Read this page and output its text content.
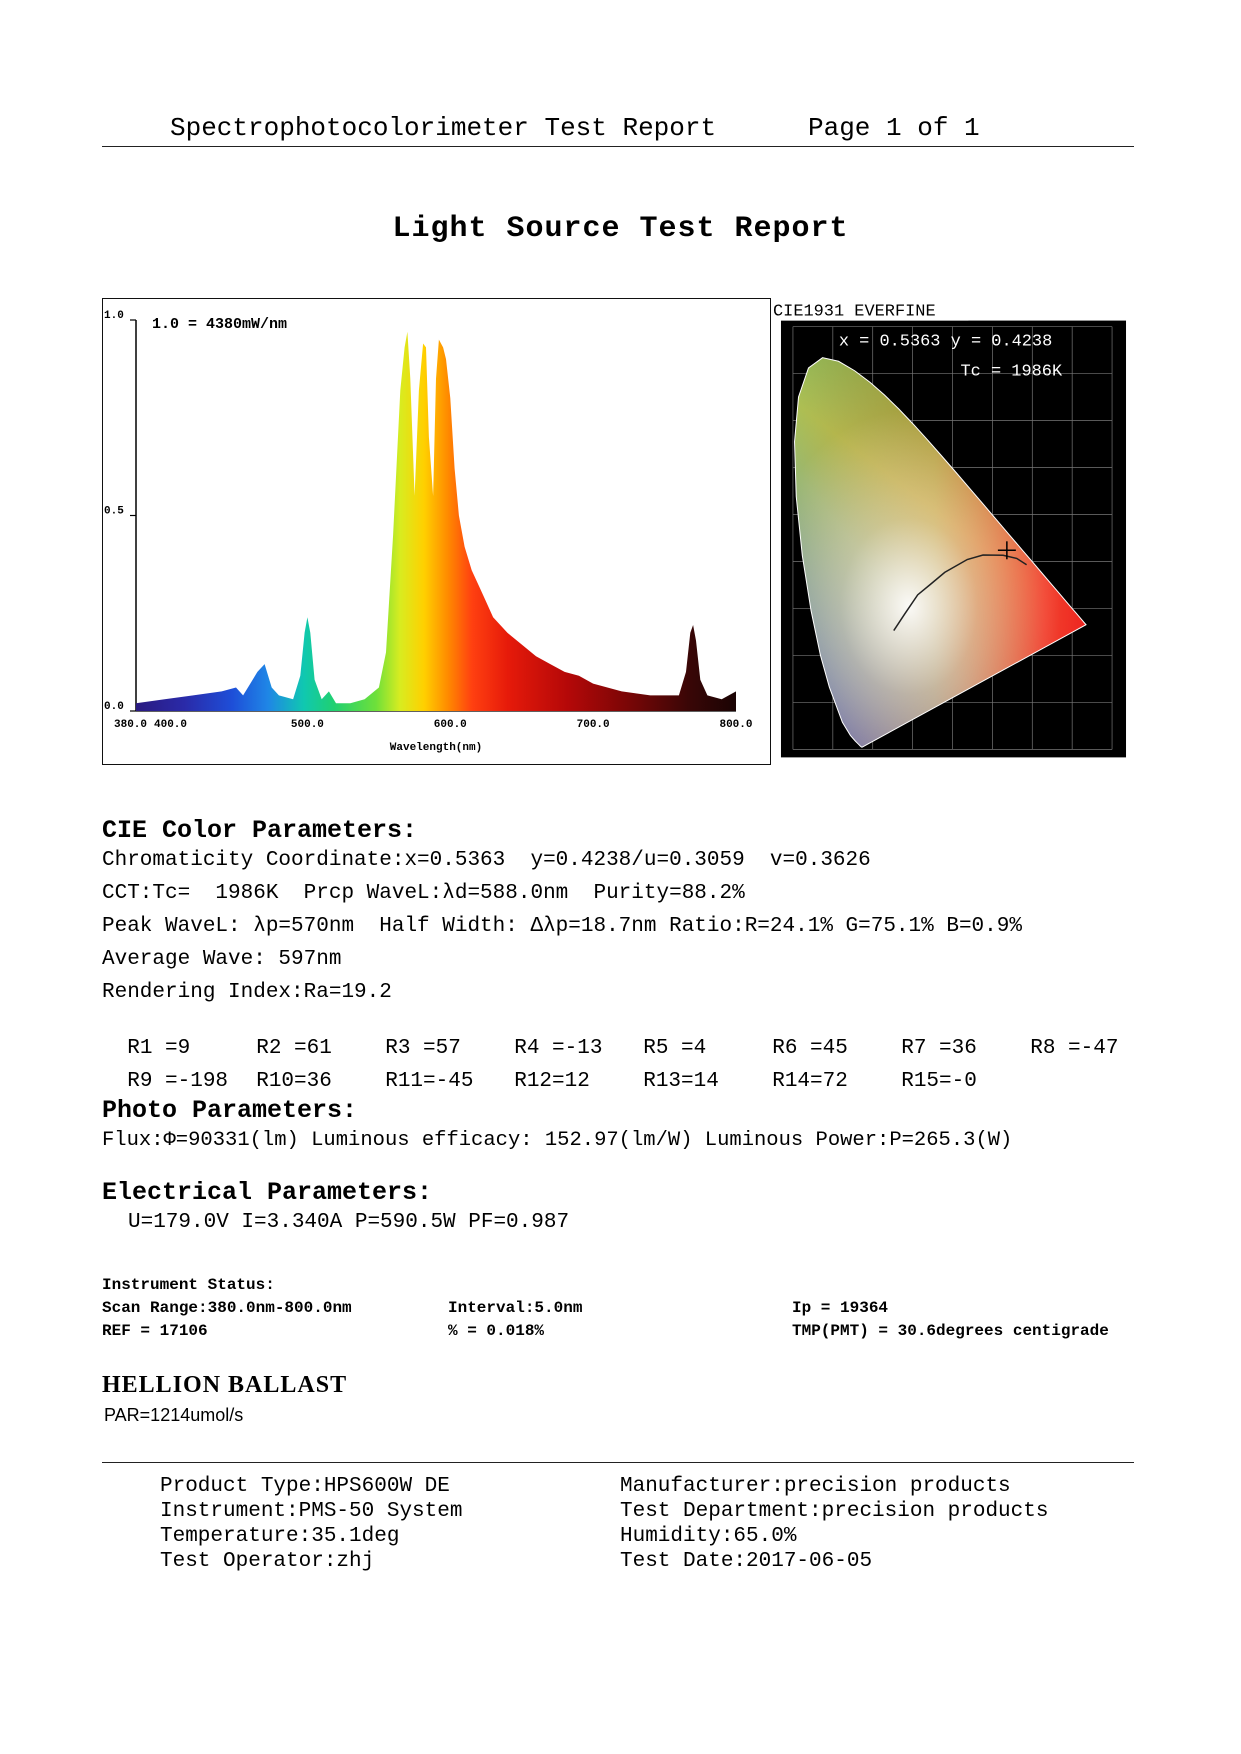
Spectrophotocolorimeter Test Report	Page 1 of 1
Light Source Test Report
1.0
0.5
0.0
380.0 400.0	500.0	600.0	700.0	800.0
1.0 = 4380mW/nm
Wavelength(nm)
CIE1931 EVERFINE
x = 0.5363 y = 0.4238
Tc = 1986K
CIE Color Parameters:
Chromaticity Coordinate:x=0.5363  y=0.4238/u=0.3059  v=0.3626
CCT:Tc=  1986K  Prcp WaveL:λd=588.0nm  Purity=88.2%
Peak WaveL: λp=570nm  Half Width: Δλp=18.7nm Ratio:R=24.1% G=75.1% B=0.9%
Average Wave: 597nm
Rendering Index:Ra=19.2

R1 =9	R2 =61	R3 =57	R4 =-13 R5 =4	R6 =45	R7 =36	R8 =-47

R9 =-198 R10=36	R11=-45 R12=12	R13=14	R14=72	R15=-0

Photo Parameters:
Flux:Φ=90331(lm) Luminous efficacy: 152.97(lm/W) Luminous Power:P=265.3(W)
Electrical Parameters:
U=179.0V I=3.340A P=590.5W PF=0.987
Instrument Status:
Scan Range:380.0nm-800.0nm	Interval:5.0nm	Ip = 19364
REF = 17106	% = 0.018%	TMP(PMT) = 30.6degrees centigrade
HELLION BALLAST
PAR=1214umol/s
Product Type:HPS600W DE
Instrument:PMS-50 System
Temperature:35.1deg
Test Operator:zhj
Manufacturer:precision products
Test Department:precision products
Humidity:65.0%
Test Date:2017-06-05
